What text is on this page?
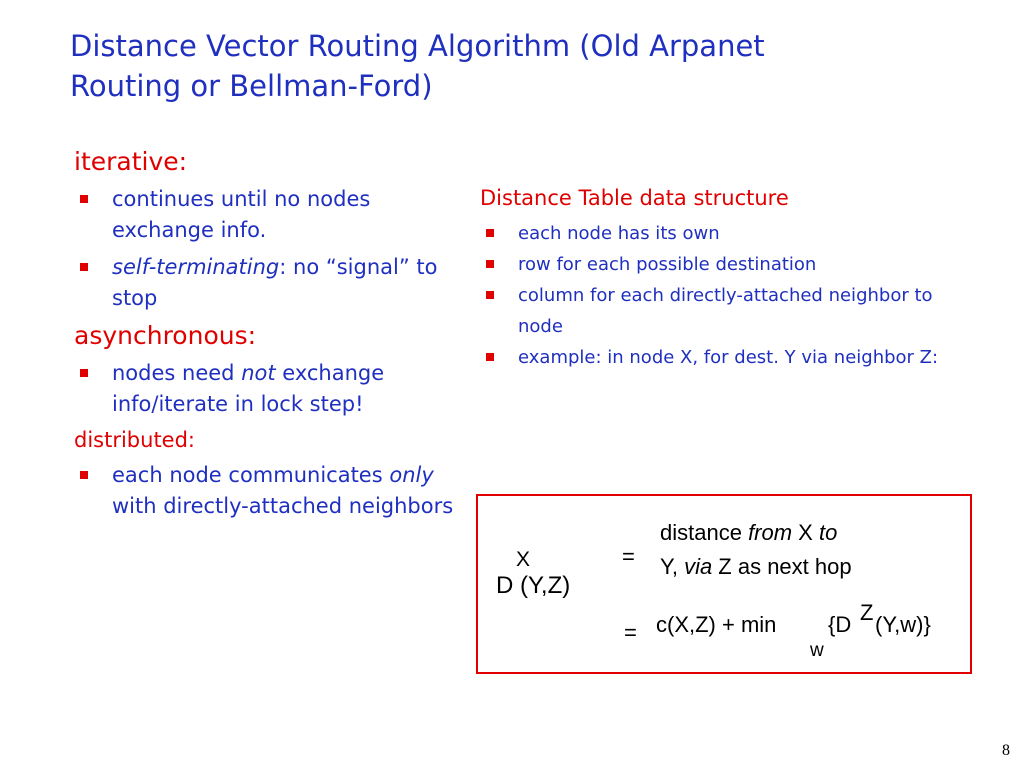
Distance Vector Routing Algorithm (Old Arpanet
Routing or Bellman-Ford)
iterative:
continues until no nodes exchange info.
self-terminating: no “signal” to stop
asynchronous:
nodes need not exchange info/iterate in lock step!
distributed:
each node communicates only with directly-attached neighbors
Distance Table data structure
each node has its own
row for each possible destination
column for each directly-attached neighbor to node
example: in node X, for dest. Y via neighbor Z:
X
D (Y,Z)
=
distance from X to
Y, via Z as next hop
= c(X,Z) + min {D Z (Y,w)}
w
8
